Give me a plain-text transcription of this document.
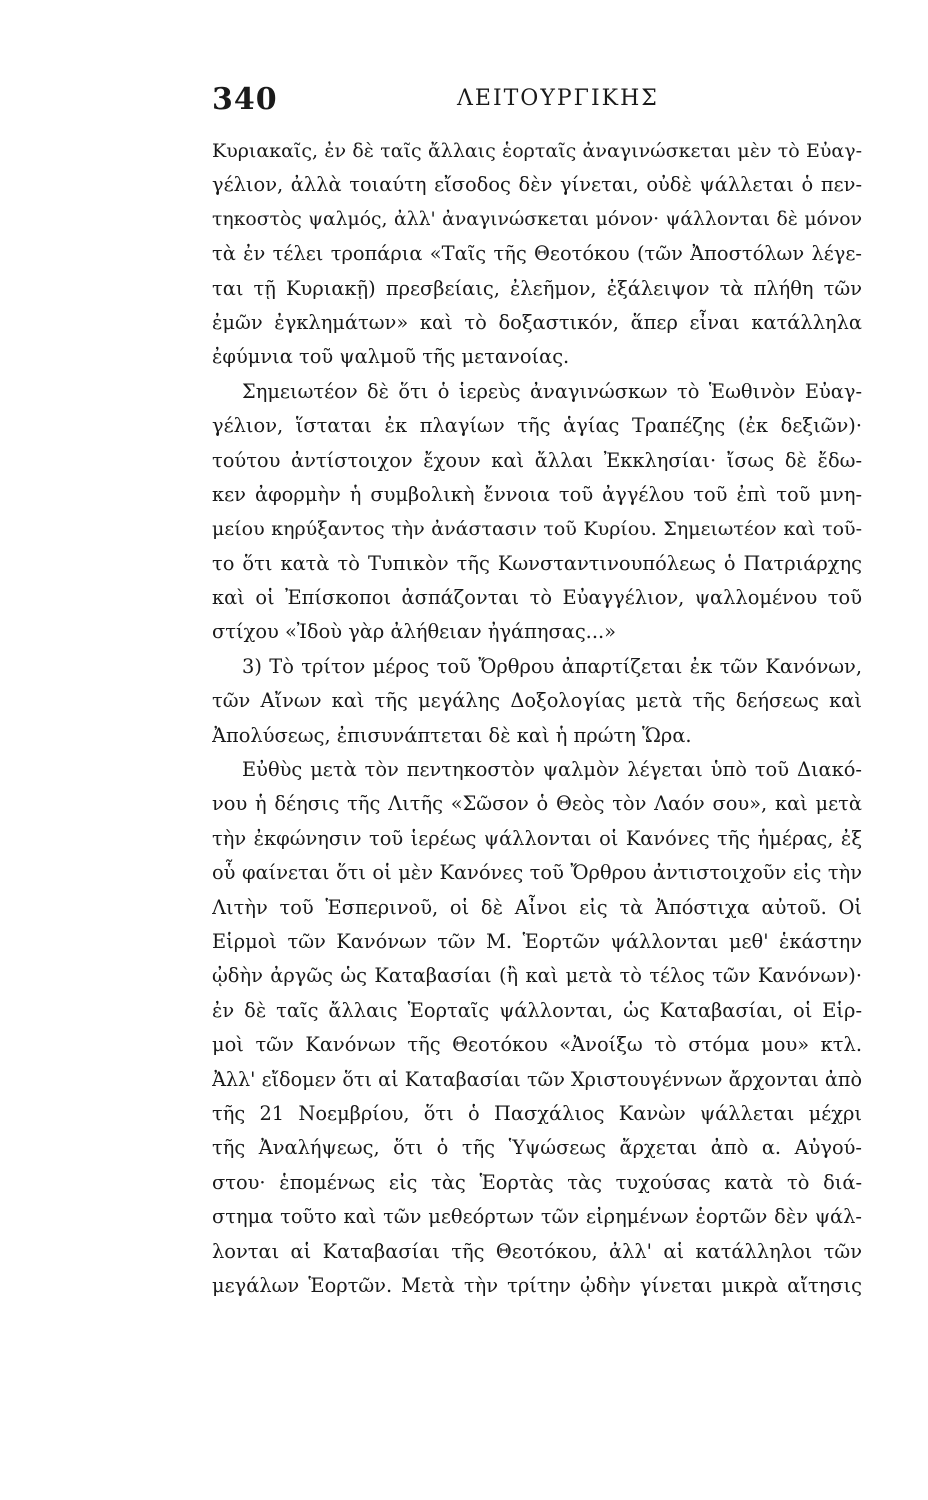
340	ΛΕΙΤΟΥΡΓΙΚΗΣ
Κυριακαῖς, ἐν δὲ ταῖς ἄλλαις ἑορταῖς ἀναγινώσκεται μὲν τὸ Εὐαγ-
γέλιον, ἀλλὰ τοιαύτη εἴσοδος δὲν γίνεται, οὐδὲ ψάλλεται ὁ πεν-
τηκοστὸς ψαλμός, ἀλλ' ἀναγινώσκεται μόνον· ψάλλονται δὲ μόνον
τὰ ἐν τέλει τροπάρια «Ταῖς τῆς Θεοτόκου (τῶν Ἀποστόλων λέγε-
ται τῇ Κυριακῇ) πρεσβείαις, ἐλεῆμον, ἐξάλειψον τὰ πλήθη τῶν
ἐμῶν ἐγκλημάτων» καὶ τὸ δοξαστικόν, ἅπερ εἶναι κατάλληλα
ἐφύμνια τοῦ ψαλμοῦ τῆς μετανοίας.
Σημειωτέον δὲ ὅτι ὁ ἱερεὺς ἀναγινώσκων τὸ Ἑωθινὸν Εὐαγ-
γέλιον, ἵσταται ἐκ πλαγίων τῆς ἁγίας Τραπέζης (ἐκ δεξιῶν)·
τούτου ἀντίστοιχον ἔχουν καὶ ἄλλαι Ἐκκλησίαι· ἴσως δὲ ἔδω-
κεν ἀφορμὴν ἡ συμβολικὴ ἔννοια τοῦ ἀγγέλου τοῦ ἐπὶ τοῦ μνη-
μείου κηρύξαντος τὴν ἀνάστασιν τοῦ Κυρίου. Σημειωτέον καὶ τοῦ-
το ὅτι κατὰ τὸ Τυπικὸν τῆς Κωνσταντινουπόλεως ὁ Πατριάρχης
καὶ οἱ Ἐπίσκοποι ἀσπάζονται τὸ Εὐαγγέλιον, ψαλλομένου τοῦ
στίχου «Ἰδοὺ γὰρ ἀλήθειαν ἠγάπησας...»
3) Τὸ τρίτον μέρος τοῦ Ὄρθρου ἀπαρτίζεται ἐκ τῶν Κανόνων,
τῶν Αἴνων καὶ τῆς μεγάλης Δοξολογίας μετὰ τῆς δεήσεως καὶ
Ἀπολύσεως, ἐπισυνάπτεται δὲ καὶ ἡ πρώτη Ὥρα.
Εὐθὺς μετὰ τὸν πεντηκοστὸν ψαλμὸν λέγεται ὑπὸ τοῦ Διακό-
νου ἡ δέησις τῆς Λιτῆς «Σῶσον ὁ Θεὸς τὸν Λαόν σου», καὶ μετὰ
τὴν ἐκφώνησιν τοῦ ἱερέως ψάλλονται οἱ Κανόνες τῆς ἡμέρας, ἐξ
οὗ φαίνεται ὅτι οἱ μὲν Κανόνες τοῦ Ὄρθρου ἀντιστοιχοῦν εἰς τὴν
Λιτὴν τοῦ Ἑσπερινοῦ, οἱ δὲ Αἶνοι εἰς τὰ Ἀπόστιχα αὐτοῦ. Οἱ
Εἱρμοὶ τῶν Κανόνων τῶν Μ. Ἑορτῶν ψάλλονται μεθ' ἑκάστην
ᾠδὴν ἀργῶς ὡς Καταβασίαι (ἢ καὶ μετὰ τὸ τέλος τῶν Κανόνων)·
ἐν δὲ ταῖς ἄλλαις Ἑορταῖς ψάλλονται, ὡς Καταβασίαι, οἱ Εἱρ-
μοὶ τῶν Κανόνων τῆς Θεοτόκου «Ἀνοίξω τὸ στόμα μου» κτλ.
Ἀλλ' εἴδομεν ὅτι αἱ Καταβασίαι τῶν Χριστουγέννων ἄρχονται ἀπὸ
τῆς 21 Νοεμβρίου, ὅτι ὁ Πασχάλιος Κανὼν ψάλλεται μέχρι
τῆς Ἀναλήψεως, ὅτι ὁ τῆς Ὑψώσεως ἄρχεται ἀπὸ α. Αὐγού-
στου· ἑπομένως εἰς τὰς Ἑορτὰς τὰς τυχούσας κατὰ τὸ διά-
στημα τοῦτο καὶ τῶν μεθεόρτων τῶν εἰρημένων ἑορτῶν δὲν ψάλ-
λονται αἱ Καταβασίαι τῆς Θεοτόκου, ἀλλ' αἱ κατάλληλοι τῶν
μεγάλων Ἑορτῶν. Μετὰ τὴν τρίτην ᾠδὴν γίνεται μικρὰ αἴτησις
